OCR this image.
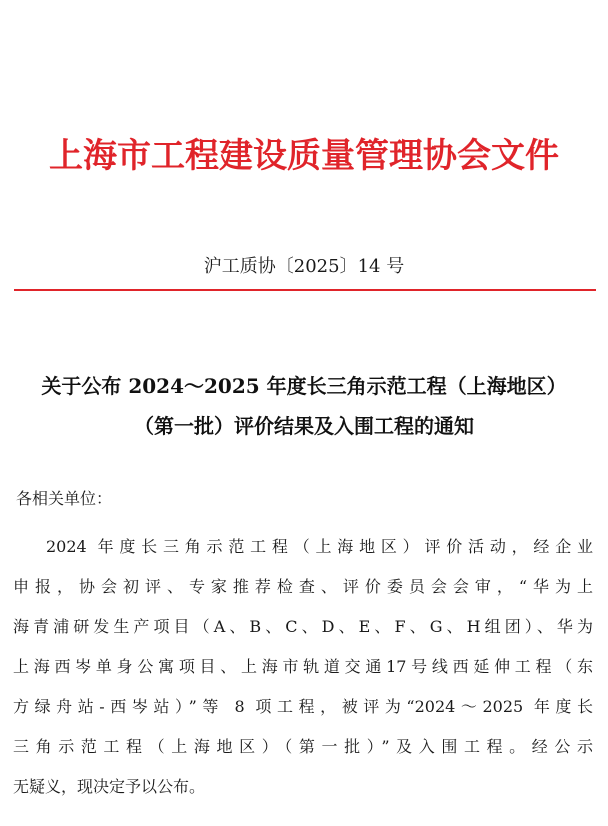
上海市工程建设质量管理协会文件
沪工质协〔2025〕14 号
关于公布 2024～2025 年度长三角示范工程（上海地区）
（第一批）评价结果及入围工程的通知
各相关单位：
2024 年度长三角示范工程（上海地区）评价活动，经企业
申报，协会初评、专家推荐检查、评价委员会会审，“华为上
海青浦研发生产项目（A、B、C、D、E、F、G、H组团）、华为
上海西岑单身公寓项目、上海市轨道交通17号线西延伸工程（东
方绿舟站-西岑站）”等 8 项工程，被评为“2024～2025 年度长
三角示范工程（上海地区）（第一批）”及入围工程。经公示
无疑义，现决定予以公布。
